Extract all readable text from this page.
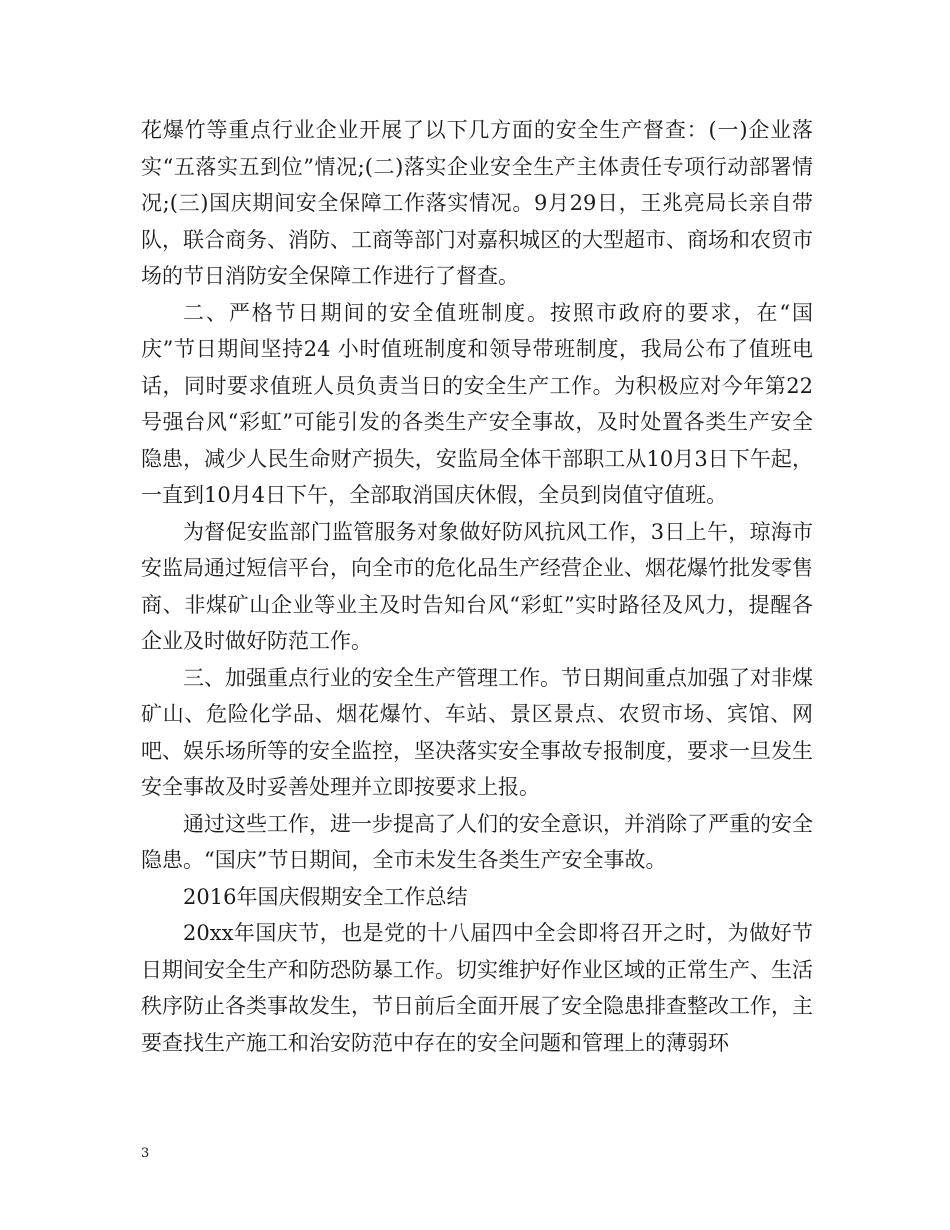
花爆竹等重点行业企业开展了以下几方面的安全生产督查：(一)企业落实“五落实五到位”情况;(二)落实企业安全生产主体责任专项行动部署情况;(三)国庆期间安全保障工作落实情况。9月29日，王兆亮局长亲自带队，联合商务、消防、工商等部门对嘉积城区的大型超市、商场和农贸市场的节日消防安全保障工作进行了督查。

二、严格节日期间的安全值班制度。按照市政府的要求，在“国庆”节日期间坚持24 小时值班制度和领导带班制度，我局公布了值班电话，同时要求值班人员负责当日的安全生产工作。为积极应对今年第22号强台风“彩虹”可能引发的各类生产安全事故，及时处置各类生产安全隐患，减少人民生命财产损失，安监局全体干部职工从10月3日下午起，一直到10月4日下午，全部取消国庆休假，全员到岗值守值班。

为督促安监部门监管服务对象做好防风抗风工作，3日上午，琼海市安监局通过短信平台，向全市的危化品生产经营企业、烟花爆竹批发零售商、非煤矿山企业等业主及时告知台风“彩虹”实时路径及风力，提醒各企业及时做好防范工作。

三、加强重点行业的安全生产管理工作。节日期间重点加强了对非煤矿山、危险化学品、烟花爆竹、车站、景区景点、农贸市场、宾馆、网吧、娱乐场所等的安全监控，坚决落实安全事故专报制度，要求一旦发生安全事故及时妥善处理并立即按要求上报。

通过这些工作，进一步提高了人们的安全意识，并消除了严重的安全隐患。“国庆”节日期间，全市未发生各类生产安全事故。

2016年国庆假期安全工作总结

20xx年国庆节，也是党的十八届四中全会即将召开之时，为做好节日期间安全生产和防恐防暴工作。切实维护好作业区域的正常生产、生活秩序防止各类事故发生，节日前后全面开展了安全隐患排查整改工作，主要查找生产施工和治安防范中存在的安全问题和管理上的薄弱环

3
